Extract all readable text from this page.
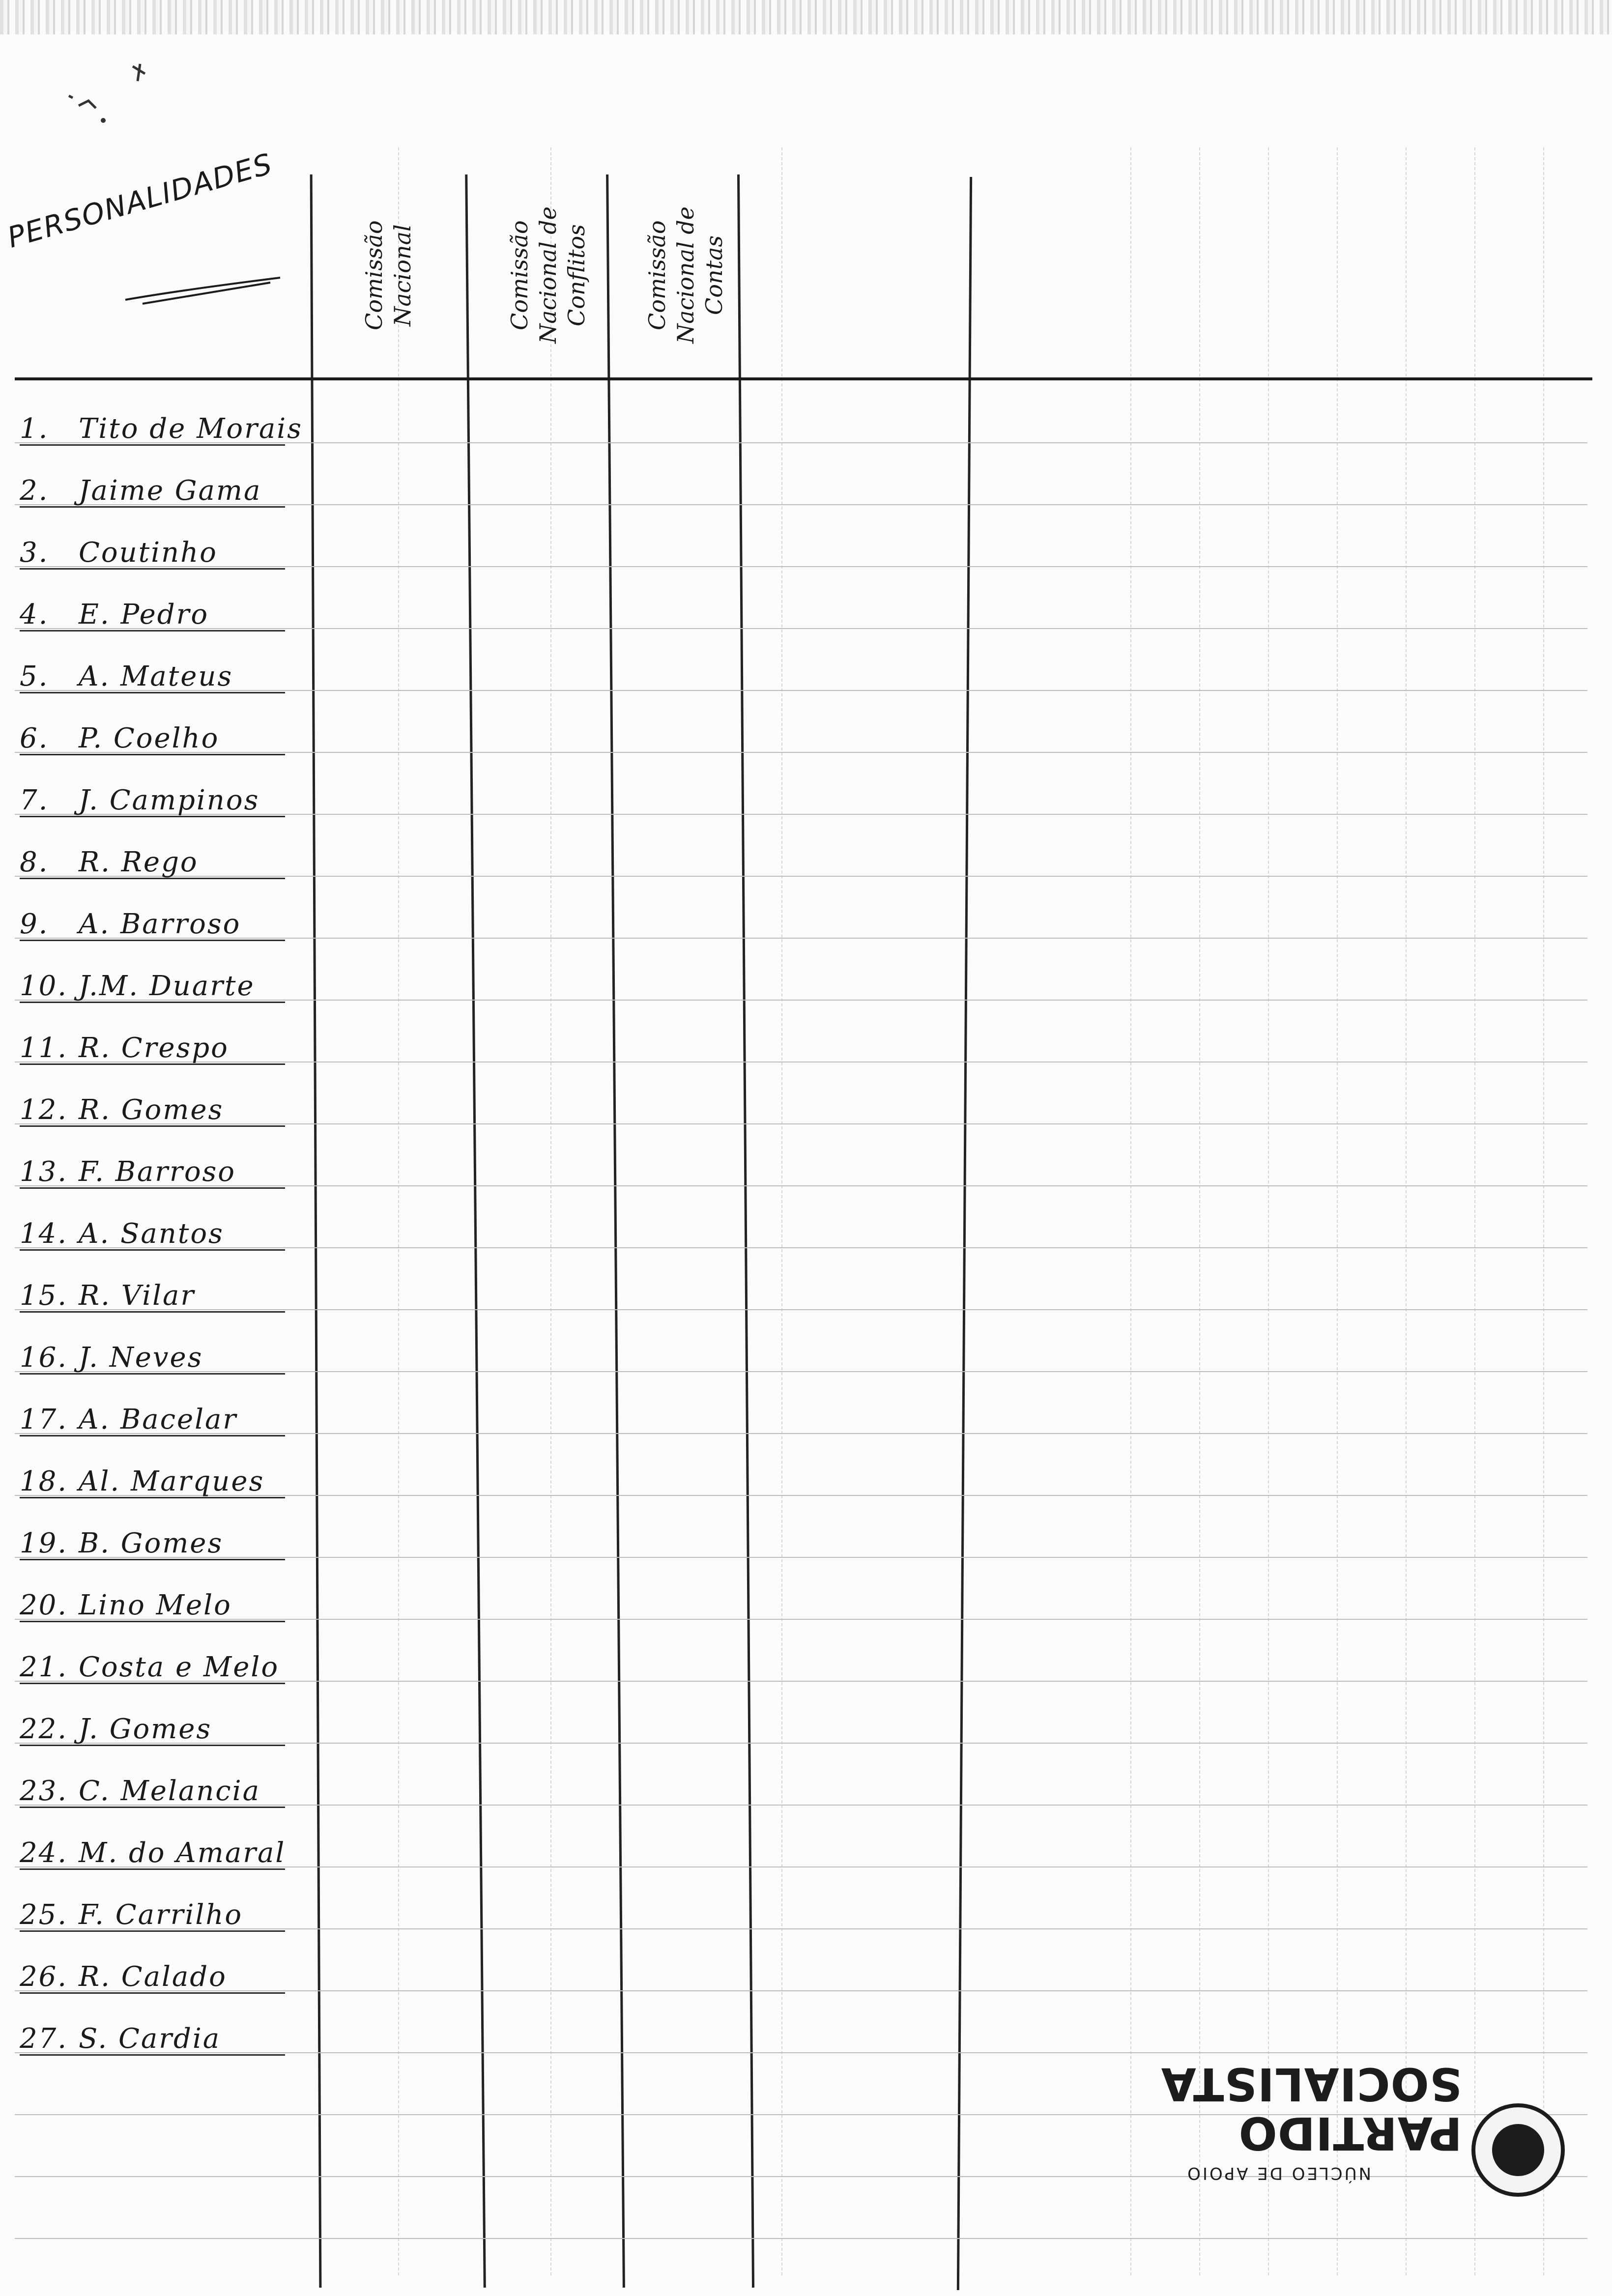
PERSONALIDADES
Comissão Nacional	Comissão Nacional de Conflitos	Comissão Nacional de Contas
1. Tito de Morais
2. Jaime Gama
3. Coutinho
4. E. Pedro
5. A. Mateus
6. P. Coelho
7. J. Campinos
8. R. Rego
9. A. Barroso
10. J.M. Duarte
11. R. Crespo
12. R. Gomes
13. F. Barroso
14. A. Santos
15. R. Vilar
16. J. Neves
17. A. Bacelar
18. Al. Marques
19. B. Gomes
20. Lino Melo
21. Costa e Melo
22. J. Gomes
23. C. Melancia
24. M. do Amaral
25. F. Carrilho
26. R. Calado
27. S. Cardia
NÚCLEO DE APOIO
PARTIDO SOCIALISTA
